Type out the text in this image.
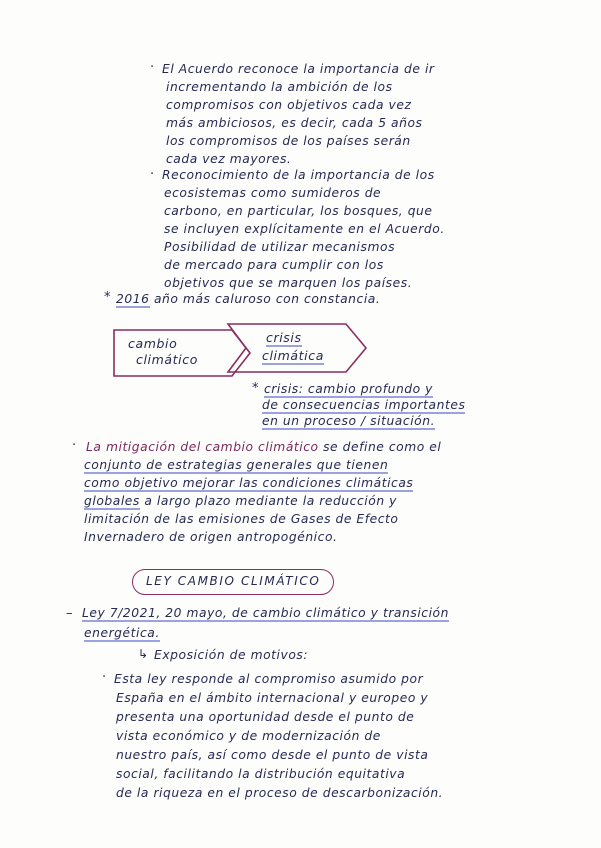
· El Acuerdo reconoce la importancia de ir
incrementando la ambición de los
compromisos con objetivos cada vez
más ambiciosos, es decir, cada 5 años
los compromisos de los países serán
cada vez mayores.
· Reconocimiento de la importancia de los
ecosistemas como sumideros de
carbono, en particular, los bosques, que
se incluyen explícitamente en el Acuerdo.
Posibilidad de utilizar mecanismos
de mercado para cumplir con los
objetivos que se marquen los países.
* 2016 año más caluroso con constancia.
cambio
climático
crisis
climática
* crisis: cambio profundo y
de consecuencias importantes
en un proceso / situación.
· La mitigación del cambio climático se define como el
conjunto de estrategias generales que tienen
como objetivo mejorar las condiciones climáticas
globales a largo plazo mediante la reducción y
limitación de las emisiones de Gases de Efecto
Invernadero de origen antropogénico.
LEY CAMBIO CLIMÁTICO
– Ley 7/2021, 20 mayo, de cambio climático y transición
energética.
↳ Exposición de motivos:
· Esta ley responde al compromiso asumido por
España en el ámbito internacional y europeo y
presenta una oportunidad desde el punto de
vista económico y de modernización de
nuestro país, así como desde el punto de vista
social, facilitando la distribución equitativa
de la riqueza en el proceso de descarbonización.
